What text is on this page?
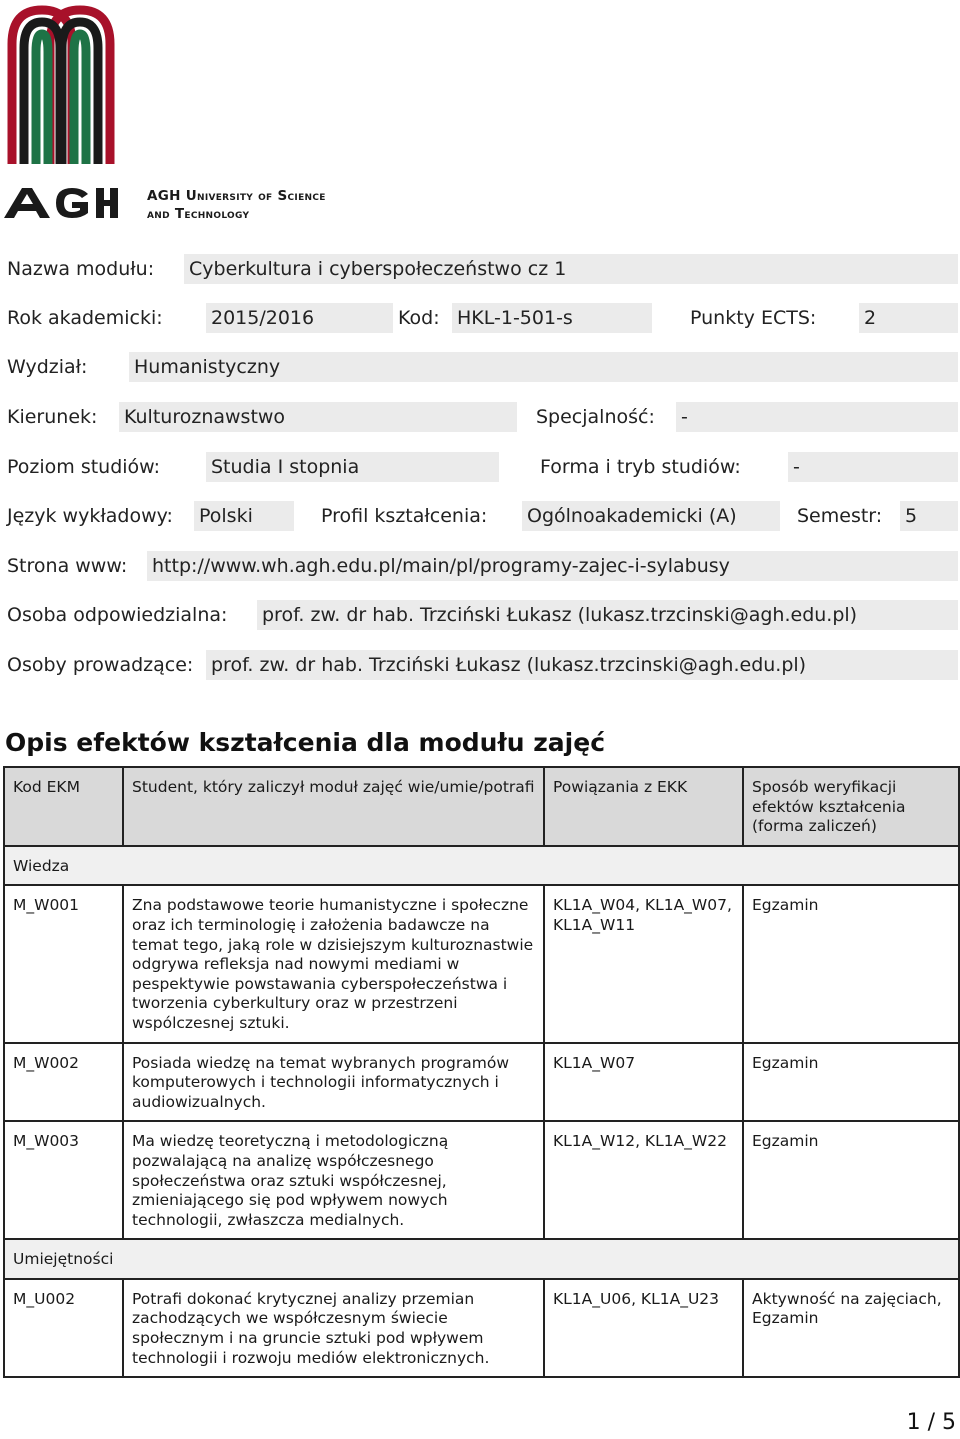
AGH University of Science
and Technology
Nazwa modułu: Cyberkultura i cyberspołeczeństwo cz 1
Rok akademicki:	2015/2016	Kod: HKL-1-501-s	Punkty ECTS:	2
Wydział: Humanistyczny
Kierunek: Kulturoznawstwo	Specjalność: -
Poziom studiów:	Studia I stopnia	Forma i tryb studiów:	-
Język wykładowy: Polski	Profil kształcenia: Ogólnoakademicki (A)	Semestr: 5
Strona www: http://www.wh.agh.edu.pl/main/pl/programy-zajec-i-sylabusy
Osoba odpowiedzialna: prof. zw. dr hab. Trzciński Łukasz (lukasz.trzcinski@agh.edu.pl)
Osoby prowadzące: prof. zw. dr hab. Trzciński Łukasz (lukasz.trzcinski@agh.edu.pl)
Opis efektów kształcenia dla modułu zajęć
Kod EKM	Student, który zaliczył moduł zajęć wie/umie/potrafi	Powiązania z EKK	Sposób weryfikacji efektów kształcenia (forma zaliczeń)
Wiedza			
M_W001	Zna podstawowe teorie humanistyczne i społeczne oraz ich terminologię i założenia badawcze na temat tego, jaką role w dzisiejszym kulturoznastwie odgrywa refleksja nad nowymi mediami w pespektywie powstawania cyberspołeczeństwa i tworzenia cyberkultury oraz w przestrzeni wspólczesnej sztuki.	KL1A_W04, KL1A_W07, KL1A_W11	Egzamin
M_W002	Posiada wiedzę na temat wybranych programów komputerowych i technologii informatycznych i audiowizualnych.	KL1A_W07	Egzamin
M_W003	Ma wiedzę teoretyczną i metodologiczną pozwalającą na analizę współczesnego społeczeństwa oraz sztuki współczesnej, zmieniającego się pod wpływem nowych technologii, zwłaszcza medialnych.	KL1A_W12, KL1A_W22	Egzamin
Umiejętności			
M_U002	Potrafi dokonać krytycznej analizy przemian zachodzących we współczesnym świecie społecznym i na gruncie sztuki pod wpływem technologii i rozwoju mediów elektronicznych.	KL1A_U06, KL1A_U23	Aktywność na zajęciach, Egzamin
1 / 5
